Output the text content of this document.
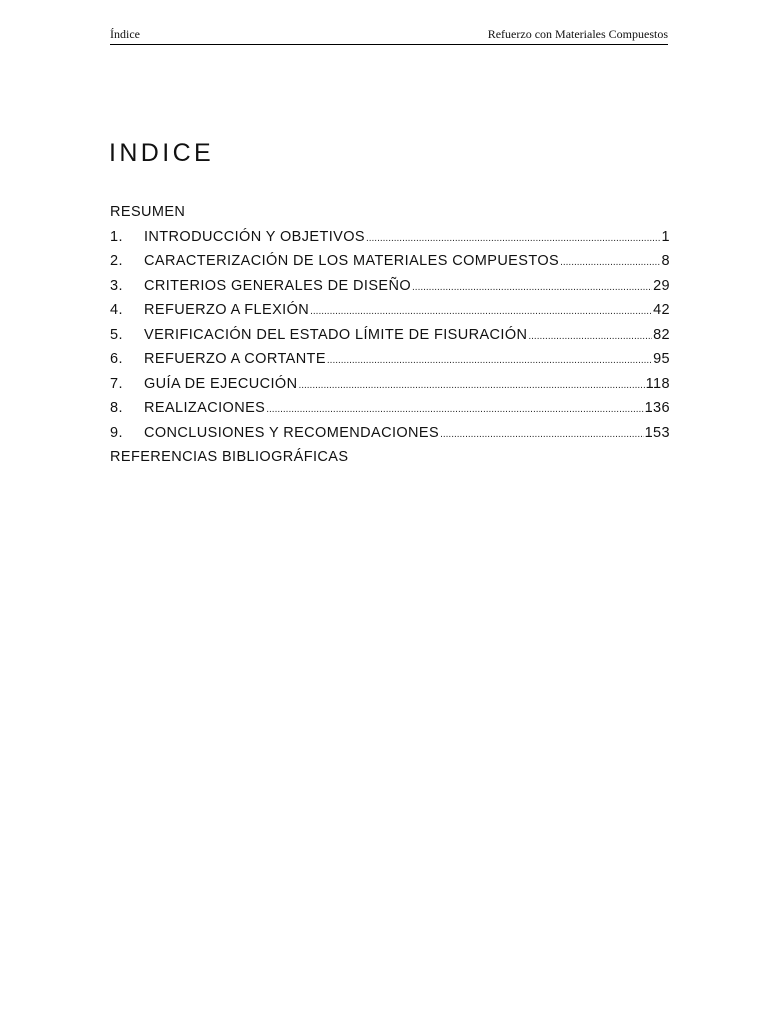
Índice	Refuerzo con Materiales Compuestos
INDICE
RESUMEN
1.	INTRODUCCIÓN Y OBJETIVOS .....	1
2.	CARACTERIZACIÓN DE LOS MATERIALES COMPUESTOS .....	8
3.	CRITERIOS GENERALES DE DISEÑO .....	29
4.	REFUERZO A FLEXIÓN .....	42
5.	VERIFICACIÓN DEL ESTADO LÍMITE DE FISURACIÓN .....	82
6.	REFUERZO A CORTANTE .....	95
7.	GUÍA DE EJECUCIÓN .....	118
8.	REALIZACIONES .....	136
9.	CONCLUSIONES Y RECOMENDACIONES .....	153
REFERENCIAS BIBLIOGRÁFICAS
